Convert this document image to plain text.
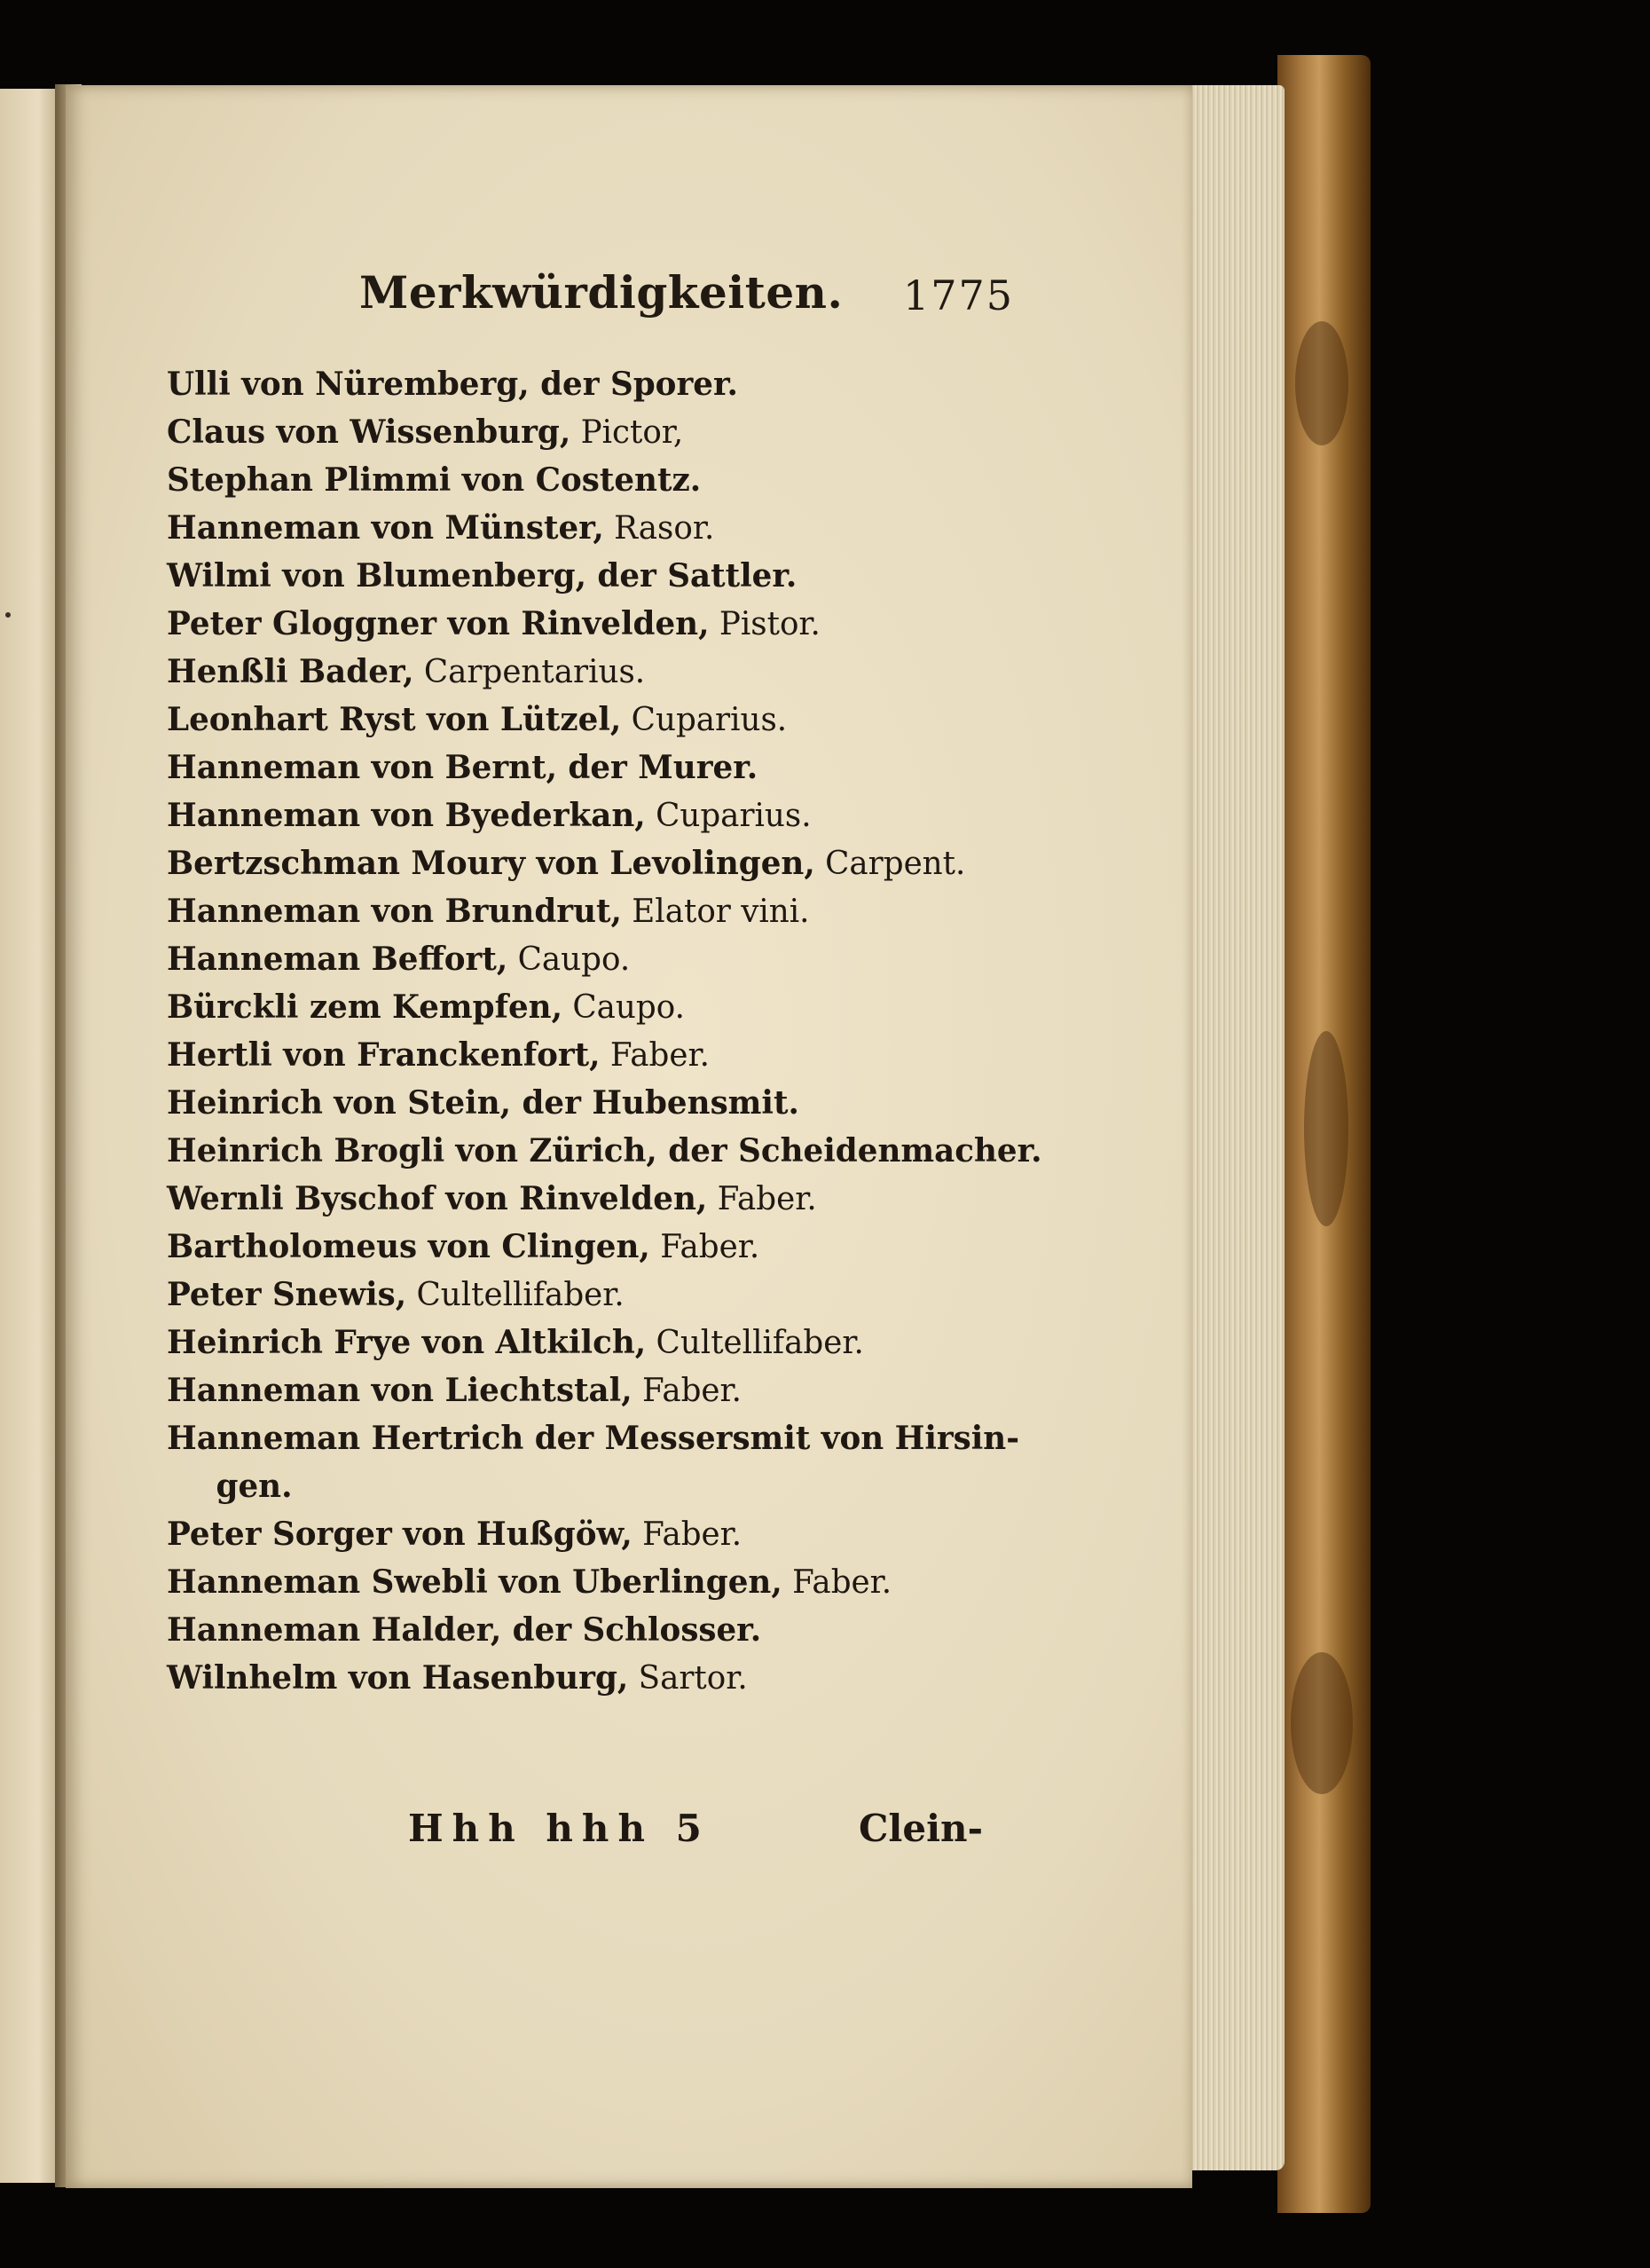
Merkwürdigkeiten. 1775

Ulli von Nüremberg, der Sporer.
Claus von Wissenburg, Pictor,
Stephan Plimmi von Costentz.
Hanneman von Münster, Rasor.
Wilmi von Blumenberg, der Sattler.
Peter Gloggner von Rinvelden, Pistor.
Henßli Bader, Carpentarius.
Leonhart Ryst von Lützel, Cuparius.
Hanneman von Bernt, der Murer.
Hanneman von Byederkan, Cuparius.
Bertzschman Moury von Levolingen, Carpent.
Hanneman von Brundrut, Elator vini.
Hanneman Beffort, Caupo.
Bürckli zem Kempfen, Caupo.
Hertli von Franckenfort, Faber.
Heinrich von Stein, der Hubensmit.
Heinrich Brogli von Zürich, der Scheidenmacher.
Wernli Byschof von Rinvelden, Faber.
Bartholomeus von Clingen, Faber.
Peter Snewis, Cultellifaber.
Heinrich Frye von Altkilch, Cultellifaber.
Hanneman von Liechtstal, Faber.
Hanneman Hertrich der Messersmit von Hirsin-
gen.
Peter Sorger von Hußgöw, Faber.
Hanneman Swebli von Uberlingen, Faber.
Hanneman Halder, der Schlosser.
Wilnhelm von Hasenburg, Sartor.

Hhh hhh 5	Clein-
